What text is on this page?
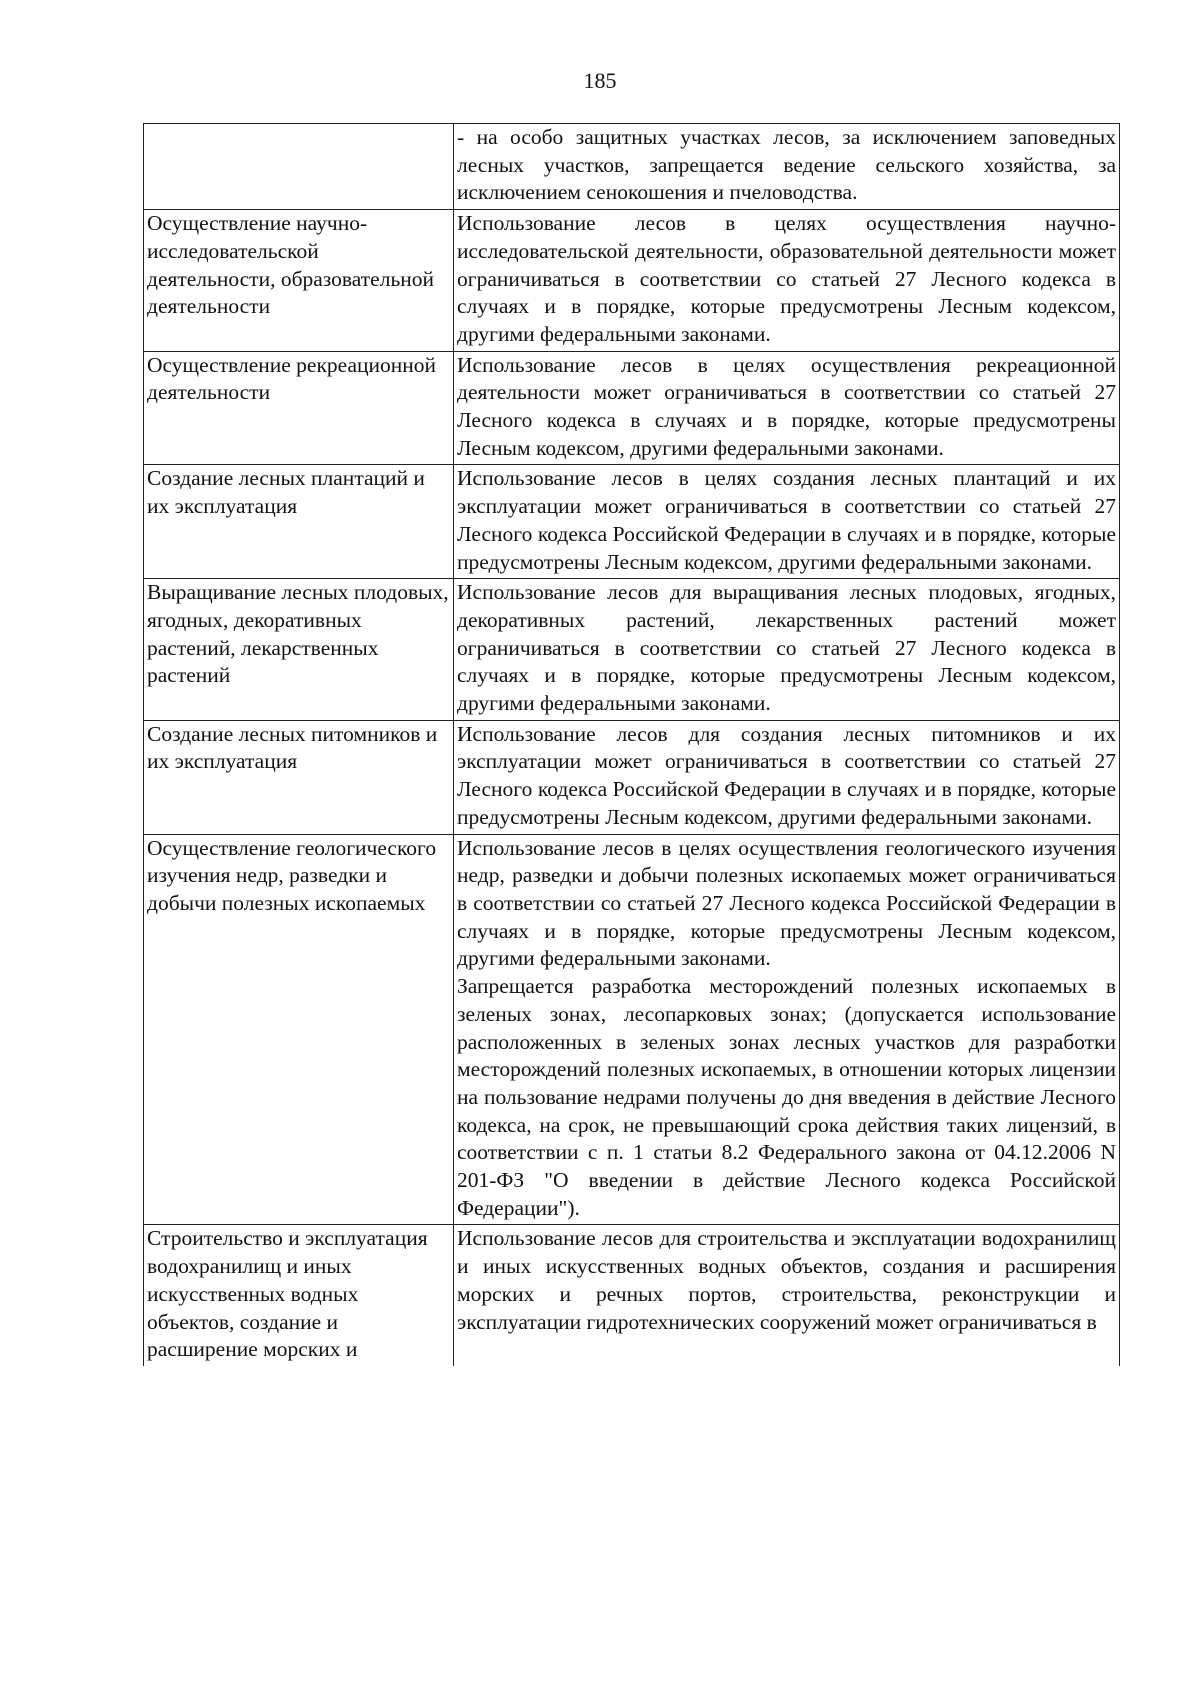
185

	- на особо защитных участках лесов, за исключением заповедных лесных участков, запрещается ведение сельского хозяйства, за исключением сенокошения и пчеловодства.

Осуществление научно-исследовательской деятельности, образовательной деятельности	Использование лесов в целях осуществления научно-исследовательской деятельности, образовательной деятельности может ограничиваться в соответствии со статьей 27 Лесного кодекса в случаях и в порядке, которые предусмотрены Лесным кодексом, другими федеральными законами.

Осуществление рекреационной деятельности	Использование лесов в целях осуществления рекреационной деятельности может ограничиваться в соответствии со статьей 27 Лесного кодекса в случаях и в порядке, которые предусмотрены Лесным кодексом, другими федеральными законами.

Создание лесных плантаций и их эксплуатация	Использование лесов в целях создания лесных плантаций и их эксплуатации может ограничиваться в соответствии со статьей 27 Лесного кодекса Российской Федерации в случаях и в порядке, которые предусмотрены Лесным кодексом, другими федеральными законами.

Выращивание лесных плодовых, ягодных, декоративных растений, лекарственных растений	Использование лесов для выращивания лесных плодовых, ягодных, декоративных растений, лекарственных растений может ограничиваться в соответствии со статьей 27 Лесного кодекса в случаях и в порядке, которые предусмотрены Лесным кодексом, другими федеральными законами.

Создание лесных питомников и их эксплуатация	Использование лесов для создания лесных питомников и их эксплуатации может ограничиваться в соответствии со статьей 27 Лесного кодекса Российской Федерации в случаях и в порядке, которые предусмотрены Лесным кодексом, другими федеральными законами.

Осуществление геологического изучения недр, разведки и добычи полезных ископаемых	Использование лесов в целях осуществления геологического изучения недр, разведки и добычи полезных ископаемых может ограничиваться в соответствии со статьей 27 Лесного кодекса Российской Федерации в случаях и в порядке, которые предусмотрены Лесным кодексом, другими федеральными законами.
Запрещается разработка месторождений полезных ископаемых в зеленых зонах, лесопарковых зонах; (допускается использование расположенных в зеленых зонах лесных участков для разработки месторождений полезных ископаемых, в отношении которых лицензии на пользование недрами получены до дня введения в действие Лесного кодекса, на срок, не превышающий срока действия таких лицензий, в соответствии с п. 1 статьи 8.2 Федерального закона от 04.12.2006 N 201-ФЗ "О введении в действие Лесного кодекса Российской Федерации").

Строительство и эксплуатация водохранилищ и иных искусственных водных объектов, создание и расширение морских и	Использование лесов для строительства и эксплуатации водохранилищ и иных искусственных водных объектов, создания и расширения морских и речных портов, строительства, реконструкции и эксплуатации гидротехнических сооружений может ограничиваться в
